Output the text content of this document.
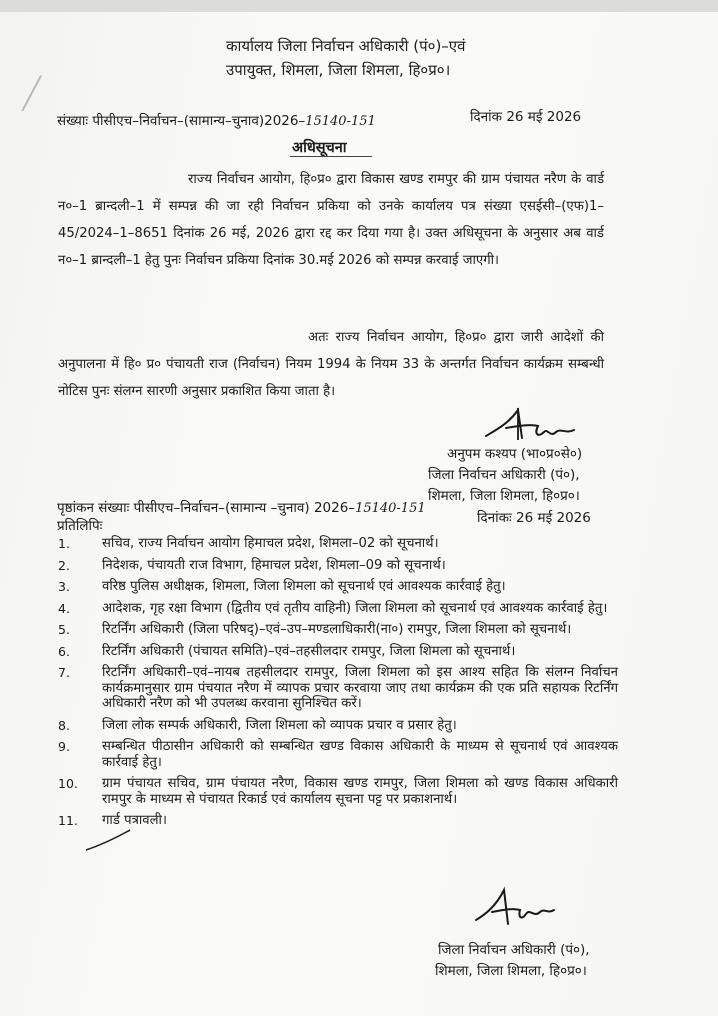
कार्यालय जिला निर्वाचन अधिकारी (पं०)–एवं
उपायुक्त, शिमला, जिला शिमला, हि०प्र०।
संख्याः पीसीएच–निर्वाचन–(सामान्य–चुनाव)2026–15140-151	दिनांक 26 मई 2026
अधिसूचना
राज्य निर्वाचन आयोग, हि०प्र० द्वारा विकास खण्ड रामपुर की ग्राम पंचायत नरैण के वार्ड न०–1 ब्रान्दली–1 में सम्पन्न की जा रही निर्वाचन प्रकिया को उनके कार्यालय पत्र संख्या एसईसी–(एफ)1–45/2024–1–8651 दिनांक 26 मई, 2026 द्वारा रद्द कर दिया गया है। उक्त अधिसूचना के अनुसार अब वार्ड न०–1 ब्रान्दली–1 हेतु पुनः निर्वाचन प्रकिया दिनांक 30.मई 2026 को सम्पन्न करवाई जाएगी।
अतः राज्य निर्वाचन आयोग, हि०प्र० द्वारा जारी आदेशों की अनुपालना में हि० प्र० पंचायती राज (निर्वाचन) नियम 1994 के नियम 33 के अन्तर्गत निर्वाचन कार्यक्रम सम्बन्धी नोटिस पुनः संलग्न सारणी अनुसार प्रकाशित किया जाता है।
अनुपम कश्यप (भा०प्र०से०)
जिला निर्वाचन अधिकारी (पं०),
शिमला, जिला शिमला, हि०प्र०।
पृष्ठांकन संख्याः पीसीएच–निर्वाचन–(सामान्य –चुनाव) 2026–15140-151
दिनांकः 26 मई 2026
प्रतिलिपिः
1.	सचिव, राज्य निर्वाचन आयोग हिमाचल प्रदेश, शिमला–02 को सूचनार्थ।
2.	निदेशक, पंचायती राज विभाग, हिमाचल प्रदेश, शिमला–09 को सूचनार्थ।
3.	वरिष्ठ पुलिस अधीक्षक, शिमला, जिला शिमला को सूचनार्थ एवं आवश्यक कार्रवाई हेतु।
4.	आदेशक, गृह रक्षा विभाग (द्वितीय एवं तृतीय वाहिनी) जिला शिमला को सूचनार्थ एवं आवश्यक कार्रवाई हेतु।
5.	रिटर्निंग अधिकारी (जिला परिषद्)–एवं–उप–मण्डलाधिकारी(ना०) रामपुर, जिला शिमला को सूचनार्थ।
6.	रिटर्निंग अधिकारी (पंचायत समिति)–एवं–तहसीलदार रामपुर, जिला शिमला को सूचनार्थ।
7.	रिटर्निंग अधिकारी–एवं–नायब तहसीलदार रामपुर, जिला शिमला को इस आश्य सहित कि संलग्न निर्वाचन कार्यक्रमानुसार ग्राम पंचयात नरैण में व्यापक प्रचार करवाया जाए तथा कार्यक्रम की एक प्रति सहायक रिटर्निंग अधिकारी नरैण को भी उपलब्ध करवाना सुनिश्चित करें।
8.	जिला लोक सम्पर्क अधिकारी, जिला शिमला को व्यापक प्रचार व प्रसार हेतु।
9.	सम्बन्धित पीठासीन अधिकारी को सम्बन्धित खण्ड विकास अधिकारी के माध्यम से सूचनार्थ एवं आवश्यक कार्रवाई हेतु।
10.	ग्राम पंचायत सचिव, ग्राम पंचायत नरैण, विकास खण्ड रामपुर, जिला शिमला को खण्ड विकास अधिकारी रामपुर के माध्यम से पंचायत रिकार्ड एवं कार्यालय सूचना पट्ट पर प्रकाशनार्थ।
11.	गार्ड पत्रावली।
जिला निर्वाचन अधिकारी (पं०),
शिमला, जिला शिमला, हि०प्र०।
